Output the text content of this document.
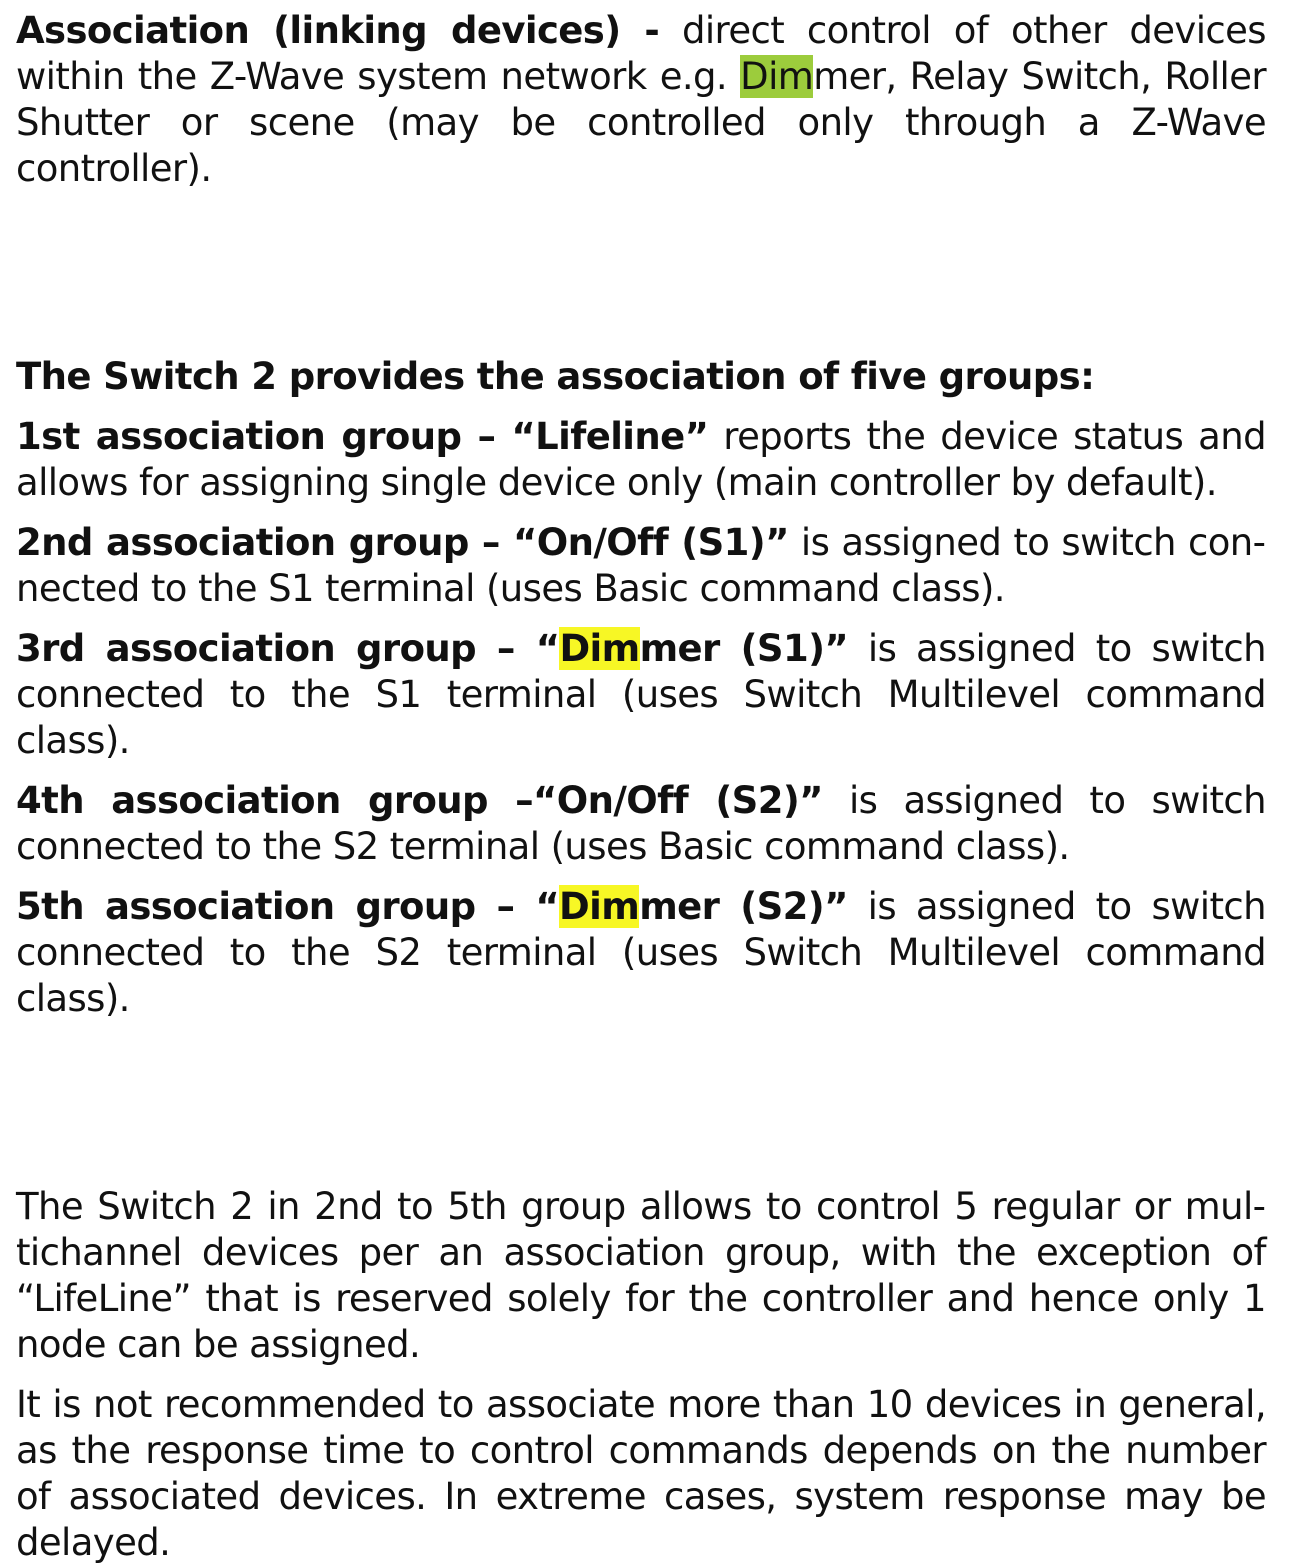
Association (linking devices) - direct control of other devices within the Z-Wave system network e.g. Dimmer, Relay Switch, Roller Shutter or scene (may be controlled only through a Z-Wave controller).

The Switch 2 provides the association of five groups:

1st association group – “Lifeline” reports the device status and allows for assigning single device only (main controller by default).

2nd association group – “On/Off (S1)” is assigned to switch connected to the S1 terminal (uses Basic command class).

3rd association group – “Dimmer (S1)” is assigned to switch connected to the S1 terminal (uses Switch Multilevel command class).

4th association group –“On/Off (S2)” is assigned to switch connected to the S2 terminal (uses Basic command class).

5th association group – “Dimmer (S2)” is assigned to switch connected to the S2 terminal (uses Switch Multilevel command class).

The Switch 2 in 2nd to 5th group allows to control 5 regular or multichannel devices per an association group, with the exception of “LifeLine” that is reserved solely for the controller and hence only 1 node can be assigned.

It is not recommended to associate more than 10 devices in general, as the response time to control commands depends on the number of associated devices. In extreme cases, system response may be delayed.
